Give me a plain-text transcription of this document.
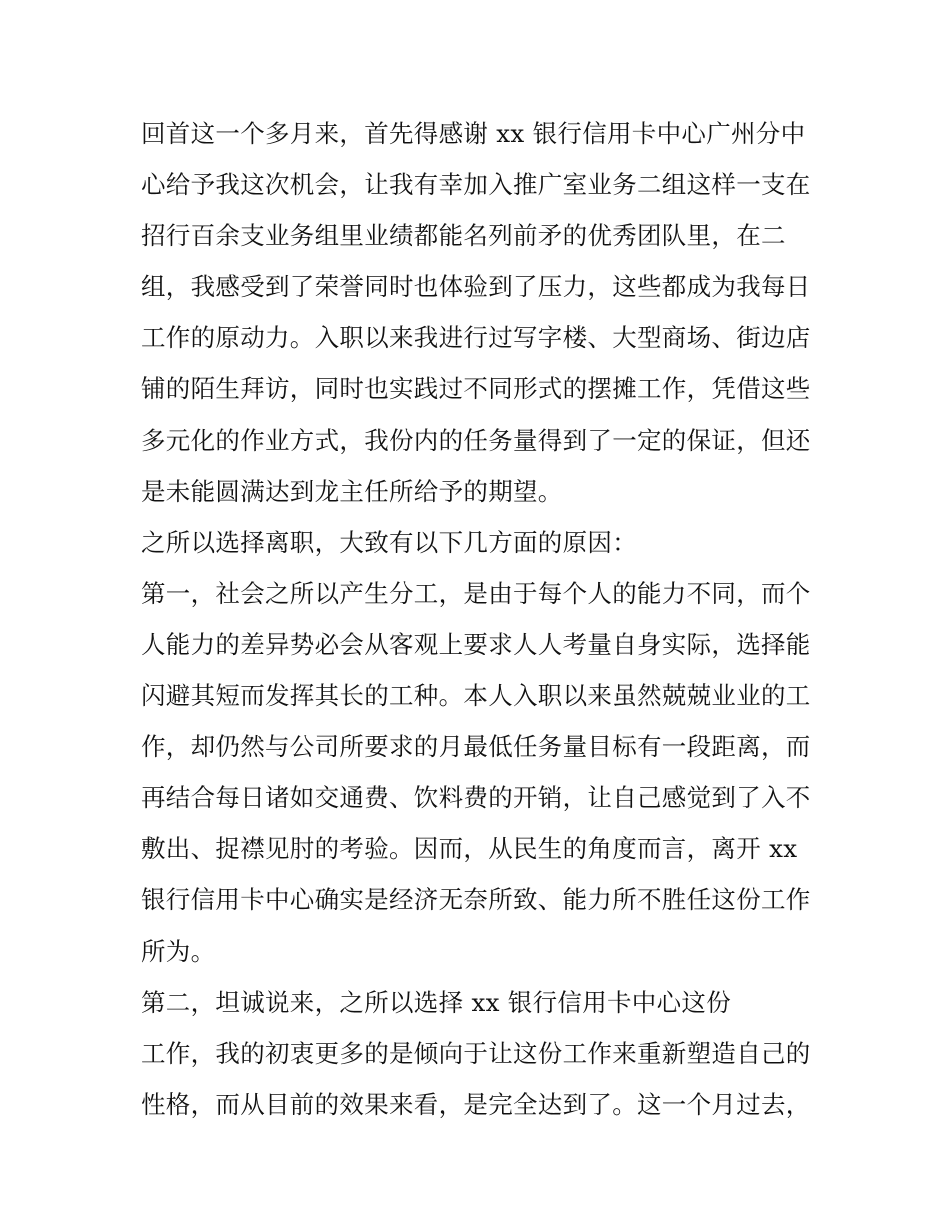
回首这一个多月来，首先得感谢 xx 银行信用卡中心广州分中
心给予我这次机会，让我有幸加入推广室业务二组这样一支在
招行百余支业务组里业绩都能名列前矛的优秀团队里，在二
组，我感受到了荣誉同时也体验到了压力，这些都成为我每日
工作的原动力。入职以来我进行过写字楼、大型商场、街边店
铺的陌生拜访，同时也实践过不同形式的摆摊工作，凭借这些
多元化的作业方式，我份内的任务量得到了一定的保证，但还
是未能圆满达到龙主任所给予的期望。
之所以选择离职，大致有以下几方面的原因：
第一，社会之所以产生分工，是由于每个人的能力不同，而个
人能力的差异势必会从客观上要求人人考量自身实际，选择能
闪避其短而发挥其长的工种。本人入职以来虽然兢兢业业的工
作，却仍然与公司所要求的月最低任务量目标有一段距离，而
再结合每日诸如交通费、饮料费的开销，让自己感觉到了入不
敷出、捉襟见肘的考验。因而，从民生的角度而言，离开 xx
银行信用卡中心确实是经济无奈所致、能力所不胜任这份工作
所为。
第二，坦诚说来，之所以选择 xx 银行信用卡中心这份
工作，我的初衷更多的是倾向于让这份工作来重新塑造自己的
性格，而从目前的效果来看，是完全达到了。这一个月过去，
